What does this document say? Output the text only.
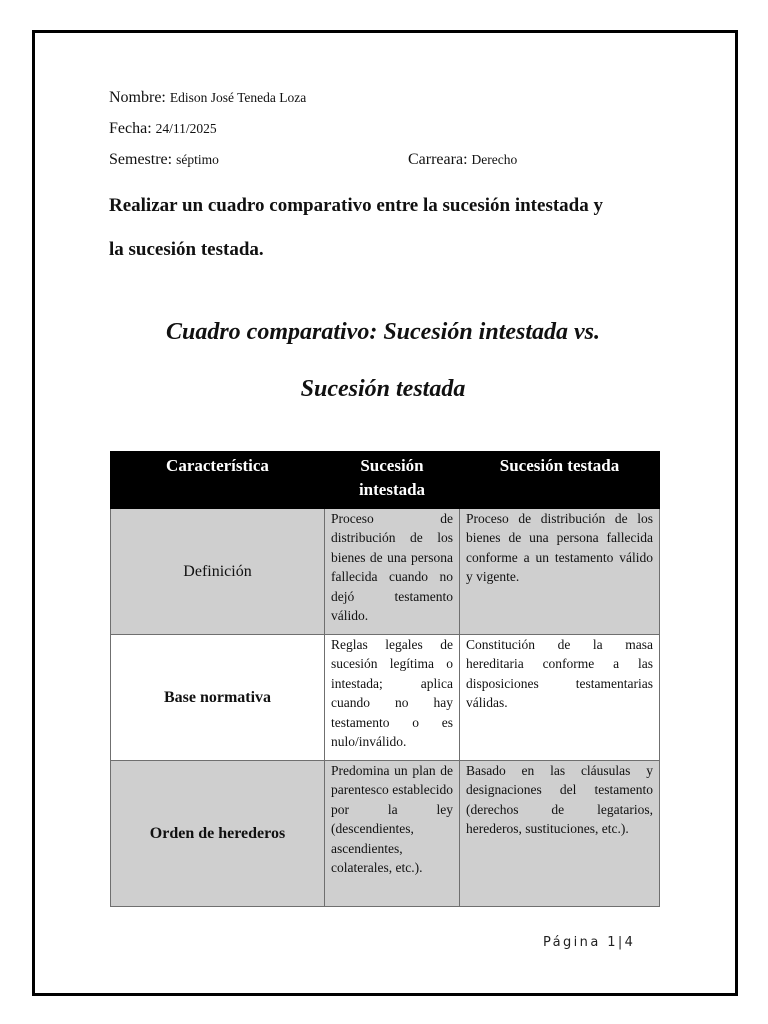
Nombre: Edison José Teneda Loza
Fecha: 24/11/2025
Semestre: séptimo	Carreara: Derecho
Realizar un cuadro comparativo entre la sucesión intestada y
la sucesión testada.
Cuadro comparativo: Sucesión intestada vs.
Sucesión testada
Característica	Sucesión intestada	Sucesión testada
Definición	Proceso de distribución de los bienes de una persona fallecida cuando no dejó testamento válido.	Proceso de distribución de los bienes de una persona fallecida conforme a un testamento válido y vigente.
Base normativa	Reglas legales de sucesión legítima o intestada; aplica cuando no hay testamento o es nulo/inválido.	Constitución de la masa hereditaria conforme a las disposiciones testamentarias válidas.
Orden de herederos	Predomina un plan de parentesco establecido por la ley (descendientes, ascendientes, colaterales, etc.).	Basado en las cláusulas y designaciones del testamento (derechos de legatarios, herederos, sustituciones, etc.).
Página 1|4
